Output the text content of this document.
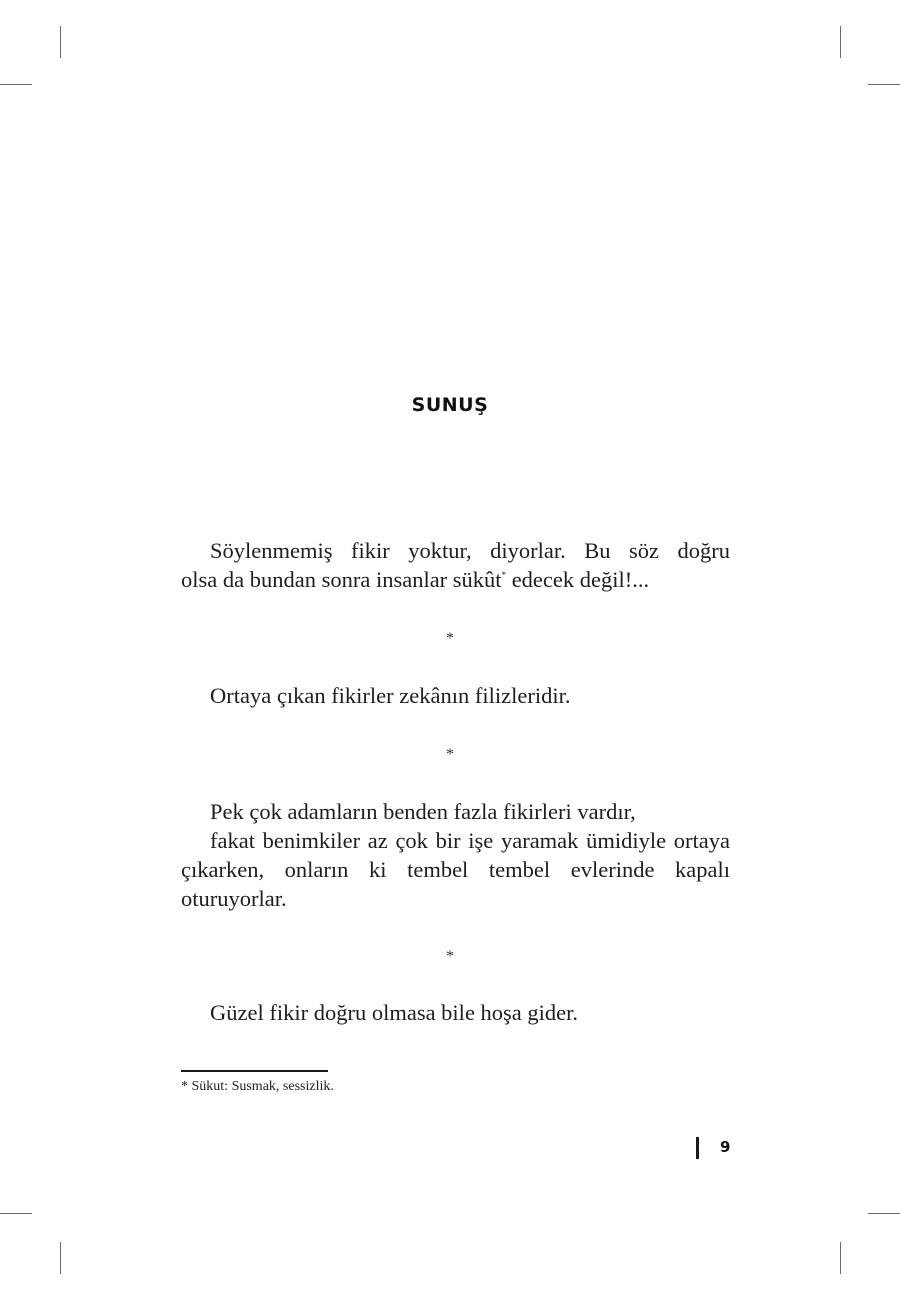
SUNUŞ
Söylenmemiş fikir yoktur, diyorlar. Bu söz doğru
olsa da bundan sonra insanlar sükût* edecek değil!...
*
Ortaya çıkan fikirler zekânın filizleridir.
*
Pek çok adamların benden fazla fikirleri vardır,
fakat benimkiler az çok bir işe yaramak ümidiyle ortaya çıkarken, onların ki tembel tembel evlerinde kapalı oturuyorlar.
*
Güzel fikir doğru olmasa bile hoşa gider.
* Sükut: Susmak, sessizlik.
9
